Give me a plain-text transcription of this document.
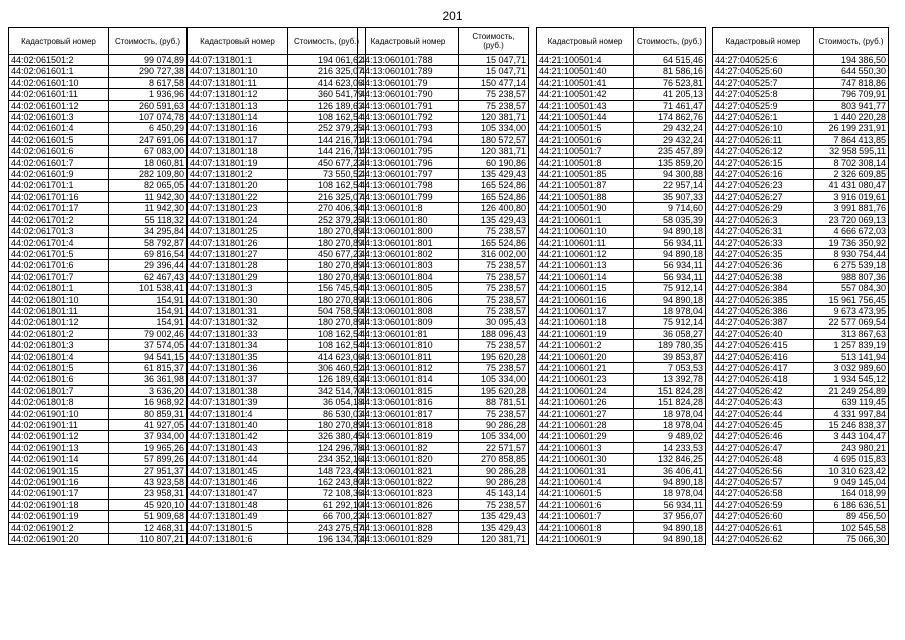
201
Кадастровый номер	Стоимость, (руб.)
44:02:061501:2	99 074,89
44:02:061601:1	290 727,38
44:02:061601:10	8 617,58
44:02:061601:11	1 936,96
44:02:061601:12	260 591,63
44:02:061601:3	107 074,78
44:02:061601:4	6 450,29
44:02:061601:5	247 691,06
44:02:061601:6	67 083,00
44:02:061601:7	18 060,81
44:02:061601:9	282 109,80
44:02:061701:1	82 065,05
44:02:061701:16	11 942,30
44:02:061701:17	11 942,30
44:02:061701:2	55 118,32
44:02:061701:3	34 295,84
44:02:061701:4	58 792,87
44:02:061701:5	69 816,54
44:02:061701:6	29 396,44
44:02:061701:7	62 467,43
44:02:061801:1	101 538,41
44:02:061801:10	154,91
44:02:061801:11	154,91
44:02:061801:12	154,91
44:02:061801:2	79 002,46
44:02:061801:3	37 574,05
44:02:061801:4	94 541,15
44:02:061801:5	61 815,37
44:02:061801:6	36 361,98
44:02:061801:7	3 636,20
44:02:061801:8	16 968,92
44:02:061901:10	80 859,31
44:02:061901:11	41 927,05
44:02:061901:12	37 934,00
44:02:061901:13	19 965,26
44:02:061901:14	57 899,26
44:02:061901:15	27 951,37
44:02:061901:16	43 923,58
44:02:061901:17	23 958,31
44:02:061901:18	45 920,10
44:02:061901:19	51 909,68
44:02:061901:2	12 468,31
44:02:061901:20	110 807,21
Кадастровый номер	Стоимость, (руб.)
44:07:131801:1	194 061,62
44:07:131801:10	216 325,07
44:07:131801:11	414 623,06
44:07:131801:12	360 541,79
44:07:131801:13	126 189,63
44:07:131801:14	108 162,54
44:07:131801:16	252 379,25
44:07:131801:17	144 216,71
44:07:131801:18	144 216,71
44:07:131801:19	450 677,23
44:07:131801:2	73 550,52
44:07:131801:20	108 162,54
44:07:131801:22	216 325,07
44:07:131801:23	270 406,34
44:07:131801:24	252 379,25
44:07:131801:25	180 270,89
44:07:131801:26	180 270,89
44:07:131801:27	450 677,23
44:07:131801:28	180 270,89
44:07:131801:29	180 270,89
44:07:131801:3	156 745,54
44:07:131801:30	180 270,89
44:07:131801:31	504 758,50
44:07:131801:32	180 270,89
44:07:131801:33	108 162,54
44:07:131801:34	108 162,54
44:07:131801:35	414 623,06
44:07:131801:36	306 460,52
44:07:131801:37	126 189,63
44:07:131801:38	342 514,70
44:07:131801:39	36 054,18
44:07:131801:4	86 530,03
44:07:131801:40	180 270,89
44:07:131801:42	326 380,45
44:07:131801:43	124 296,78
44:07:131801:44	234 352,16
44:07:131801:45	148 723,49
44:07:131801:46	162 243,80
44:07:131801:47	72 108,36
44:07:131801:48	61 292,10
44:07:131801:49	66 700,23
44:07:131801:5	243 275,57
44:07:131801:6	196 134,73
Кадастровый номер	Стоимость, (руб.)
44:13:060101:788	15 047,71
44:13:060101:789	15 047,71
44:13:060101:79	150 477,14
44:13:060101:790	75 238,57
44:13:060101:791	75 238,57
44:13:060101:792	120 381,71
44:13:060101:793	105 334,00
44:13:060101:794	180 572,57
44:13:060101:795	120 381,71
44:13:060101:796	60 190,86
44:13:060101:797	135 429,43
44:13:060101:798	165 524,86
44:13:060101:799	165 524,86
44:13:060101:8	126 400,80
44:13:060101:80	135 429,43
44:13:060101:800	75 238,57
44:13:060101:801	165 524,86
44:13:060101:802	316 002,00
44:13:060101:803	75 238,57
44:13:060101:804	75 238,57
44:13:060101:805	75 238,57
44:13:060101:806	75 238,57
44:13:060101:808	75 238,57
44:13:060101:809	30 095,43
44:13:060101:81	188 096,43
44:13:060101:810	75 238,57
44:13:060101:811	195 620,28
44:13:060101:812	75 238,57
44:13:060101:814	105 334,00
44:13:060101:815	195 620,28
44:13:060101:816	88 781,51
44:13:060101:817	75 238,57
44:13:060101:818	90 286,28
44:13:060101:819	105 334,00
44:13:060101:82	22 571,57
44:13:060101:820	270 858,85
44:13:060101:821	90 286,28
44:13:060101:822	90 286,28
44:13:060101:823	45 143,14
44:13:060101:826	75 238,57
44:13:060101:827	135 429,43
44:13:060101:828	135 429,43
44:13:060101:829	120 381,71
Кадастровый номер	Стоимость, (руб.)
44:21:100501:4	64 515,46
44:21:100501:40	81 586,16
44:21:100501:41	76 523,81
44:21:100501:42	41 205,13
44:21:100501:43	71 461,47
44:21:100501:44	174 862,76
44:21:100501:5	29 432,24
44:21:100501:6	29 432,24
44:21:100501:7	235 457,89
44:21:100501:8	135 859,20
44:21:100501:85	94 300,88
44:21:100501:87	22 957,14
44:21:100501:88	35 907,33
44:21:100501:90	9 714,60
44:21:100601:1	58 035,39
44:21:100601:10	94 890,18
44:21:100601:11	56 934,11
44:21:100601:12	94 890,18
44:21:100601:13	56 934,11
44:21:100601:14	56 934,11
44:21:100601:15	75 912,14
44:21:100601:16	94 890,18
44:21:100601:17	18 978,04
44:21:100601:18	75 912,14
44:21:100601:19	36 058,27
44:21:100601:2	189 780,35
44:21:100601:20	39 853,87
44:21:100601:21	7 053,53
44:21:100601:23	13 392,78
44:21:100601:24	151 824,28
44:21:100601:26	151 824,28
44:21:100601:27	18 978,04
44:21:100601:28	18 978,04
44:21:100601:29	9 489,02
44:21:100601:3	14 233,53
44:21:100601:30	132 846,25
44:21:100601:31	36 406,41
44:21:100601:4	94 890,18
44:21:100601:5	18 978,04
44:21:100601:6	56 934,11
44:21:100601:7	37 956,07
44:21:100601:8	94 890,18
44:21:100601:9	94 890,18
Кадастровый номер	Стоимость, (руб.)
44:27:040525:6	194 386,50
44:27:040525:60	644 550,30
44:27:040525:7	747 818,86
44:27:040525:8	796 709,91
44:27:040525:9	803 941,77
44:27:040526:1	1 440 220,28
44:27:040526:10	26 199 231,91
44:27:040526:11	7 864 413,85
44:27:040526:12	32 958 595,11
44:27:040526:15	8 702 308,14
44:27:040526:16	2 326 609,85
44:27:040526:23	41 431 080,47
44:27:040526:27	3 916 019,61
44:27:040526:29	3 991 881,76
44:27:040526:3	23 720 069,13
44:27:040526:31	4 666 672,03
44:27:040526:33	19 736 350,92
44:27:040526:35	8 930 754,44
44:27:040526:36	6 275 539,18
44:27:040526:38	988 807,36
44:27:040526:384	557 084,30
44:27:040526:385	15 961 756,45
44:27:040526:386	9 673 473,95
44:27:040526:387	22 577 069,54
44:27:040526:40	313 867,63
44:27:040526:415	1 257 839,19
44:27:040526:416	513 141,94
44:27:040526:417	3 032 989,60
44:27:040526:418	1 934 545,12
44:27:040526:42	21 249 254,89
44:27:040526:43	639 119,45
44:27:040526:44	4 331 997,84
44:27:040526:45	15 246 838,37
44:27:040526:46	3 443 104,47
44:27:040526:47	243 980,21
44:27:040526:48	4 695 015,83
44:27:040526:56	10 310 623,42
44:27:040526:57	9 049 145,04
44:27:040526:58	164 018,99
44:27:040526:59	6 186 636,51
44:27:040526:60	89 456,50
44:27:040526:61	102 545,58
44:27:040526:62	75 066,30
